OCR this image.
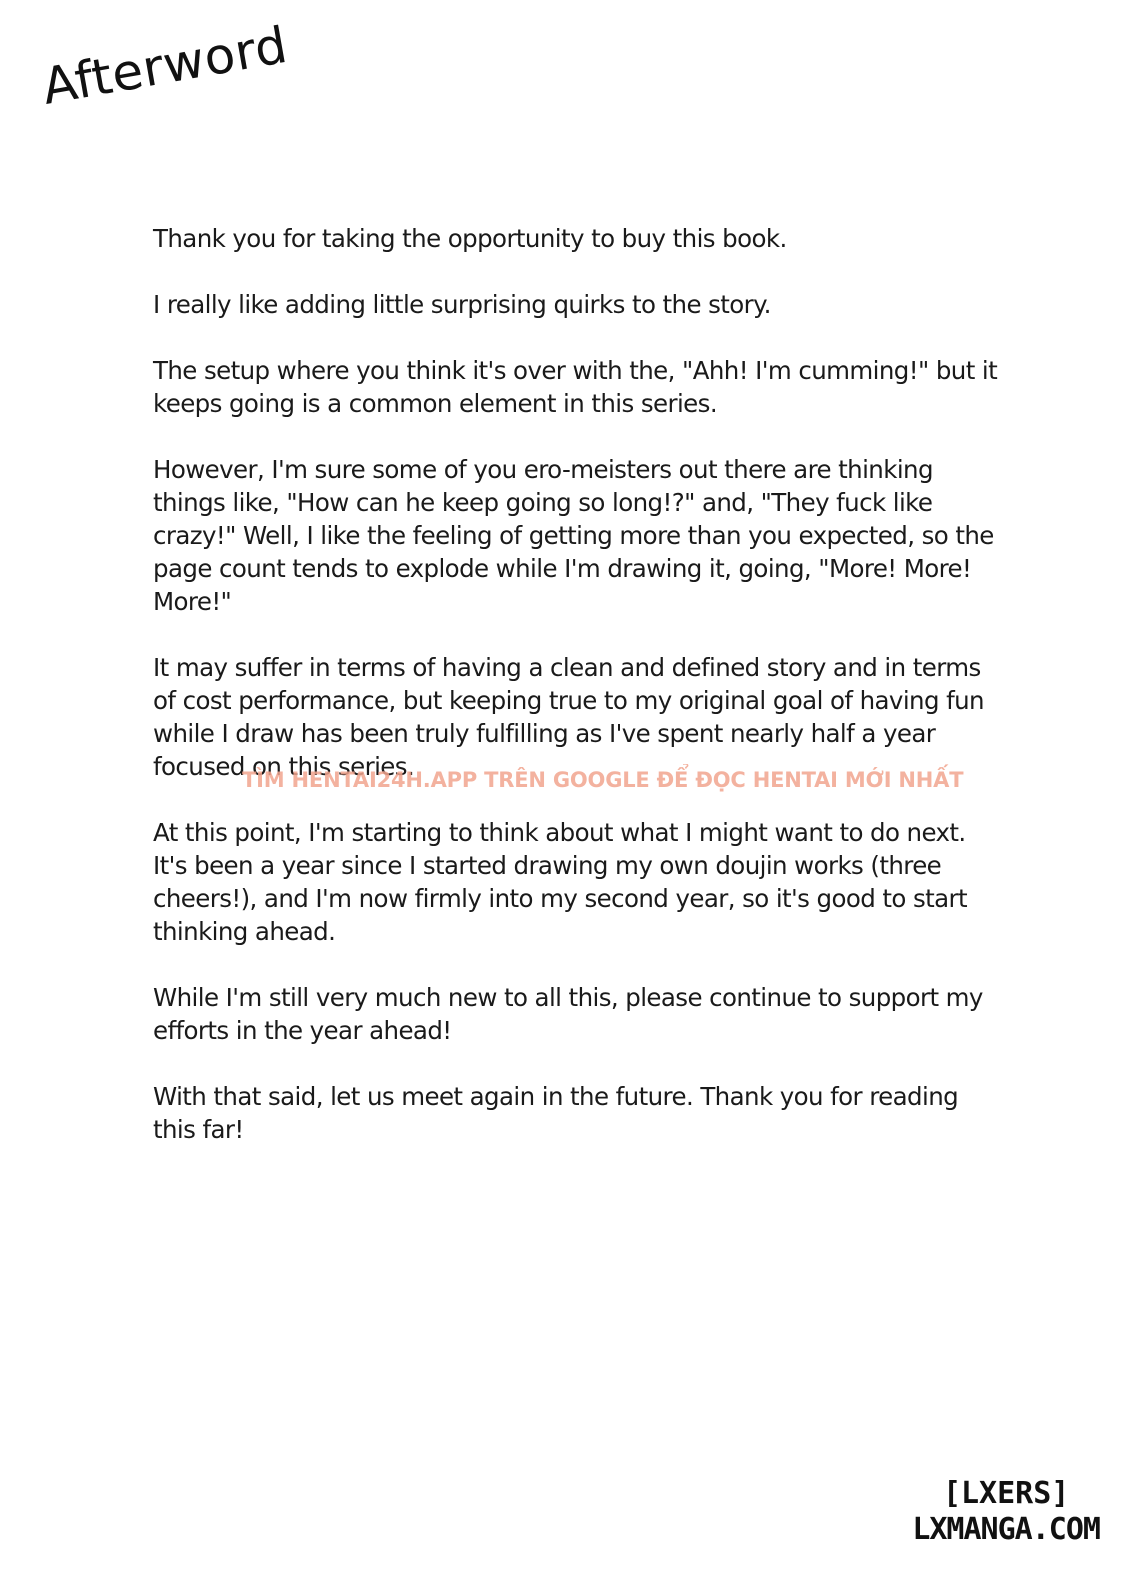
Afterword

Thank you for taking the opportunity to buy this book.

I really like adding little surprising quirks to the story.

The setup where you think it's over with the, "Ahh! I'm cumming!" but it keeps going is a common element in this series.

However, I'm sure some of you ero-meisters out there are thinking things like, "How can he keep going so long!?" and, "They fuck like crazy!" Well, I like the feeling of getting more than you expected, so the page count tends to explode while I'm drawing it, going, "More! More! More!"

It may suffer in terms of having a clean and defined story and in terms of cost performance, but keeping true to my original goal of having fun while I draw has been truly fulfilling as I've spent nearly half a year focused on this series.

At this point, I'm starting to think about what I might want to do next. It's been a year since I started drawing my own doujin works (three cheers!), and I'm now firmly into my second year, so it's good to start thinking ahead.

While I'm still very much new to all this, please continue to support my efforts in the year ahead!

With that said, let us meet again in the future. Thank you for reading this far!

TÌM HENTAI24H.APP TRÊN GOOGLE ĐỂ ĐỌC HENTAI MỚI NHẤT
[LXERS]
LXMANGA.COM
